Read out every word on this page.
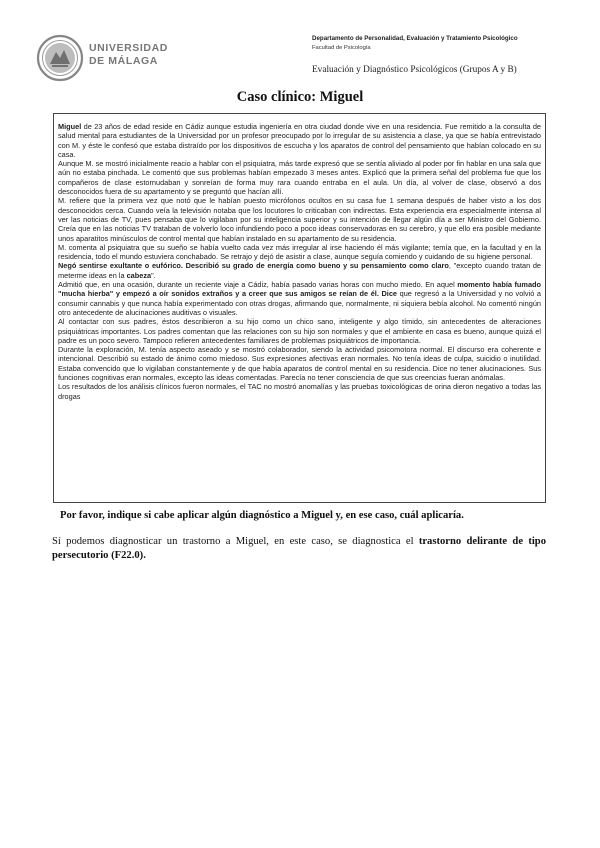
UNIVERSIDAD
DE MÁLAGA
Departamento de Personalidad, Evaluación y Tratamiento Psicológico
Facultad de Psicología
Evaluación y Diagnóstico Psicológicos (Grupos A y B)
Caso clínico: Miguel

Miguel de 23 años de edad reside en Cádiz aunque estudia ingeniería en otra ciudad donde vive en una residencia. Fue remitido a la consulta de salud mental para estudiantes de la Universidad por un profesor preocupado por lo irregular de su asistencia a clase, ya que se había entrevistado con M. y éste le confesó que estaba distraído por los dispositivos de escucha y los aparatos de control del pensamiento que habían colocado en su casa.

Aunque M. se mostró inicialmente reacio a hablar con el psiquiatra, más tarde expresó que se sentía aliviado al poder por fin hablar en una sala que aún no estaba pinchada. Le comentó que sus problemas habían empezado 3 meses antes. Explicó que la primera señal del problema fue que los compañeros de clase estornudaban y sonreían de forma muy rara cuando entraba en el aula. Un día, al volver de clase, observó a dos desconocidos fuera de su apartamento y se preguntó que hacían allí.

M. refiere que la primera vez que notó que le habían puesto micrófonos ocultos en su casa fue 1 semana después de haber visto a los dos desconocidos cerca. Cuando veía la televisión notaba que los locutores lo criticaban con indirectas. Esta experiencia era especialmente intensa al ver las noticias de TV, pues pensaba que lo vigilaban por su inteligencia superior y su intención de llegar algún día a ser Ministro del Gobierno. Creía que en las noticias TV trataban de volverlo loco infundiendo poco a poco ideas conservadoras en su cerebro, y que ello era posible mediante unos aparatitos minúsculos de control mental que habían instalado en su apartamento de su residencia.

M. comenta al psiquiatra que su sueño se había vuelto cada vez más irregular al irse haciendo él más vigilante; temía que, en la facultad y en la residencia, todo el mundo estuviera conchabado. Se retrajo y dejó de asistir a clase, aunque seguía comiendo y cuidando de su higiene personal.

Negó sentirse exultante o eufórico. Describió su grado de energía como bueno y su pensamiento como claro, "excepto cuando tratan de meterme ideas en la cabeza".

Admitió que, en una ocasión, durante un reciente viaje a Cádiz, había pasado varias horas con mucho miedo. En aquel momento había fumado "mucha hierba" y empezó a oír sonidos extraños y a creer que sus amigos se reían de él. Dice que regresó a la Universidad y no volvió a consumir cannabis y que nunca había experimentado con otras drogas, afirmando que, normalmente, ni siquiera bebía alcohol. No comentó ningún otro antecedente de alucinaciones auditivas o visuales.

Al contactar con sus padres, éstos describieron a su hijo como un chico sano, inteligente y algo tímido, sin antecedentes de alteraciones psiquiátricas importantes. Los padres comentan que las relaciones con su hijo son normales y que el ambiente en casa es bueno, aunque quizá el padre es un poco severo. Tampoco refieren antecedentes familiares de problemas psiquiátricos de importancia.

Durante la exploración, M. tenía aspecto aseado y se mostró colaborador, siendo la actividad psicomotora normal. El discurso era coherente e intencional. Describió su estado de ánimo como miedoso. Sus expresiones afectivas eran normales. No tenía ideas de culpa, suicidio o inutilidad. Estaba convencido que lo vigilaban constantemente y de que había aparatos de control mental en su residencia. Dice no tener alucinaciones. Sus funciones cognitivas eran normales, excepto las ideas comentadas. Parecía no tener consciencia de que sus creencias fueran anómalas.

Los resultados de los análisis clínicos fueron normales, el TAC no mostró anomalías y las pruebas toxicológicas de orina dieron negativo a todas las drogas

Por favor, indique si cabe aplicar algún diagnóstico a Miguel y, en ese caso, cuál aplicaría.
Sí podemos diagnosticar un trastorno a Miguel, en este caso, se diagnostica el trastorno delirante de tipo persecutorio (F22.0).
